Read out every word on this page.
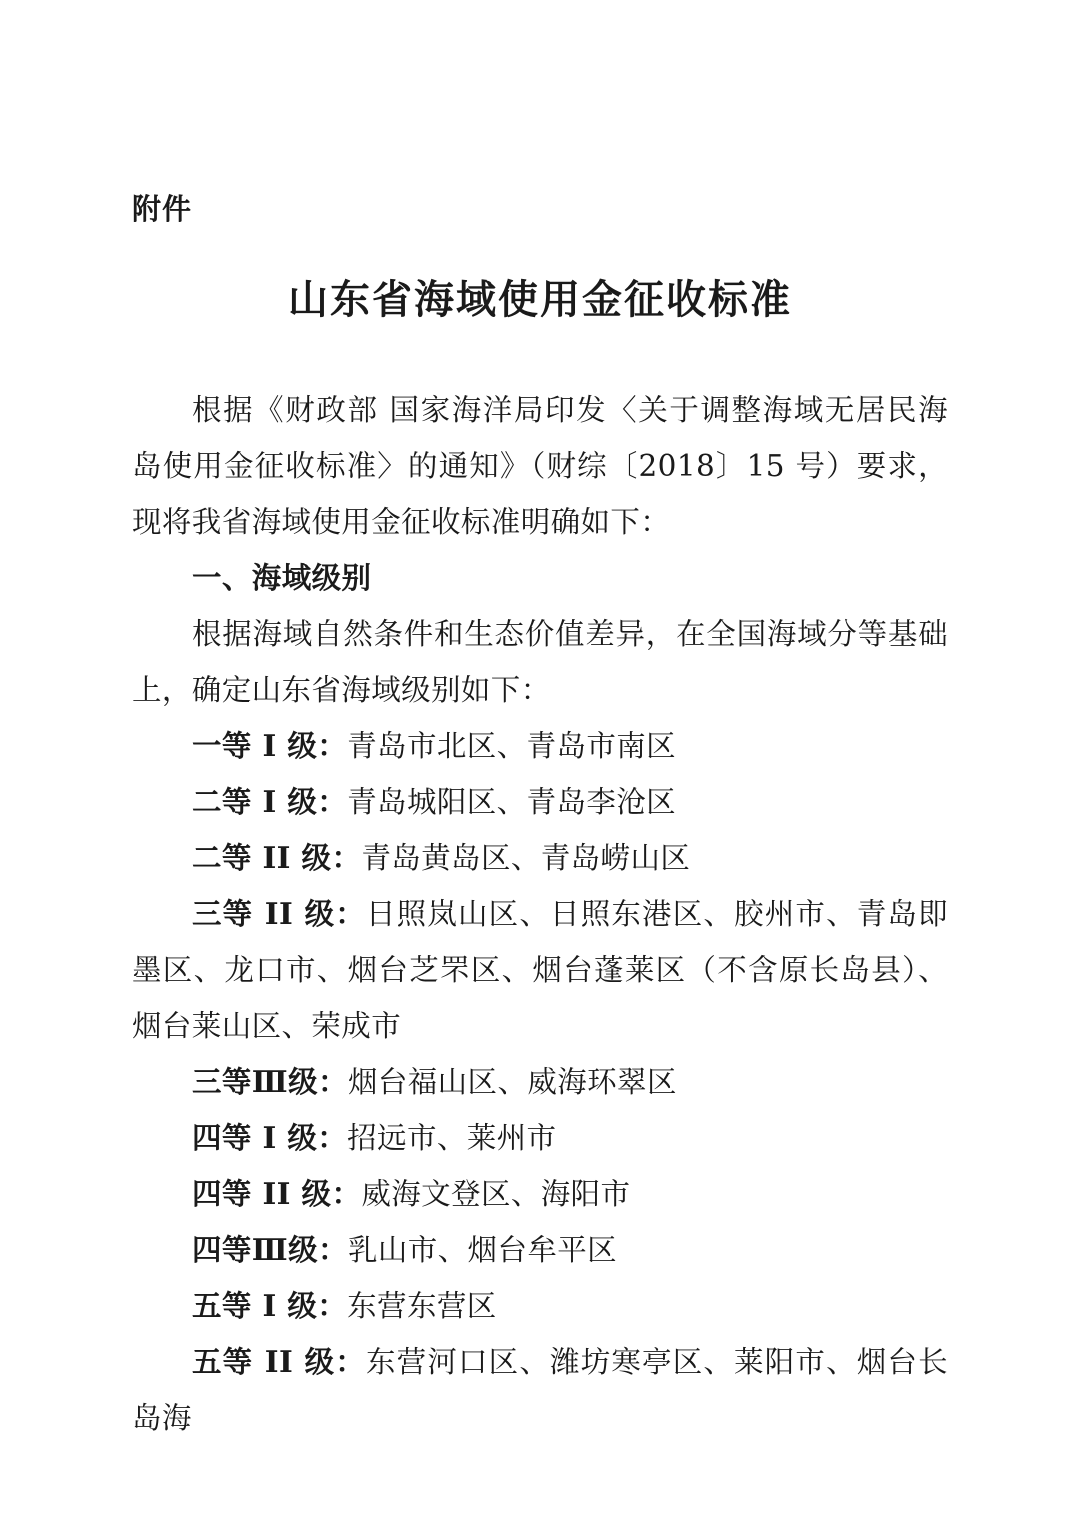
附件
山东省海域使用金征收标准

根据《财政部 国家海洋局印发〈关于调整海域无居民海岛使用金征收标准〉的通知》（财综〔2018〕15 号）要求，现将我省海域使用金征收标准明确如下：

一、海域级别

根据海域自然条件和生态价值差异，在全国海域分等基础上，确定山东省海域级别如下：

一等 I 级：青岛市北区、青岛市南区

二等 I 级：青岛城阳区、青岛李沧区

二等 II 级：青岛黄岛区、青岛崂山区

三等 II 级：日照岚山区、日照东港区、胶州市、青岛即墨区、龙口市、烟台芝罘区、烟台蓬莱区（不含原长岛县）、烟台莱山区、荣成市

三等Ⅲ级：烟台福山区、威海环翠区

四等 I 级：招远市、莱州市

四等 II 级：威海文登区、海阳市

四等Ⅲ级：乳山市、烟台牟平区

五等 I 级：东营东营区

五等 II 级：东营河口区、潍坊寒亭区、莱阳市、烟台长岛海
